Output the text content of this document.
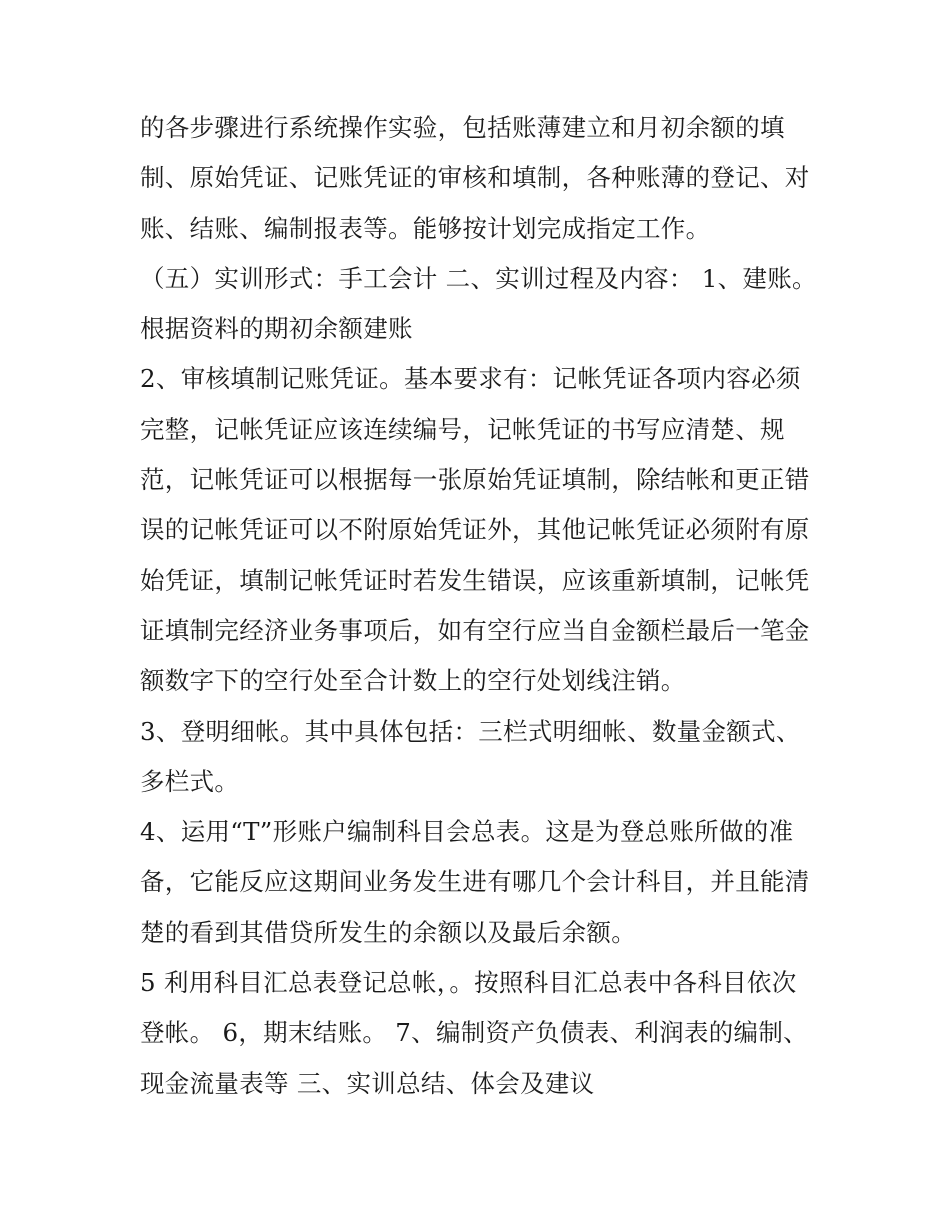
的各步骤进行系统操作实验，包括账薄建立和月初余额的填
制、原始凭证、记账凭证的审核和填制，各种账薄的登记、对
账、结账、编制报表等。能够按计划完成指定工作。
（五）实训形式：手工会计 二、实训过程及内容： 1、建账。
根据资料的期初余额建账
2、审核填制记账凭证。基本要求有：记帐凭证各项内容必须
完整，记帐凭证应该连续编号，记帐凭证的书写应清楚、规
范，记帐凭证可以根据每一张原始凭证填制，除结帐和更正错
误的记帐凭证可以不附原始凭证外，其他记帐凭证必须附有原
始凭证，填制记帐凭证时若发生错误，应该重新填制，记帐凭
证填制完经济业务事项后，如有空行应当自金额栏最后一笔金
额数字下的空行处至合计数上的空行处划线注销。
3、登明细帐。其中具体包括：三栏式明细帐、数量金额式、
多栏式。
4、运用“T”形账户编制科目会总表。这是为登总账所做的准
备，它能反应这期间业务发生进有哪几个会计科目，并且能清
楚的看到其借贷所发生的余额以及最后余额。
5 利用科目汇总表登记总帐，。按照科目汇总表中各科目依次
登帐。 6，期末结账。 7、编制资产负债表、利润表的编制、
现金流量表等 三、实训总结、体会及建议
